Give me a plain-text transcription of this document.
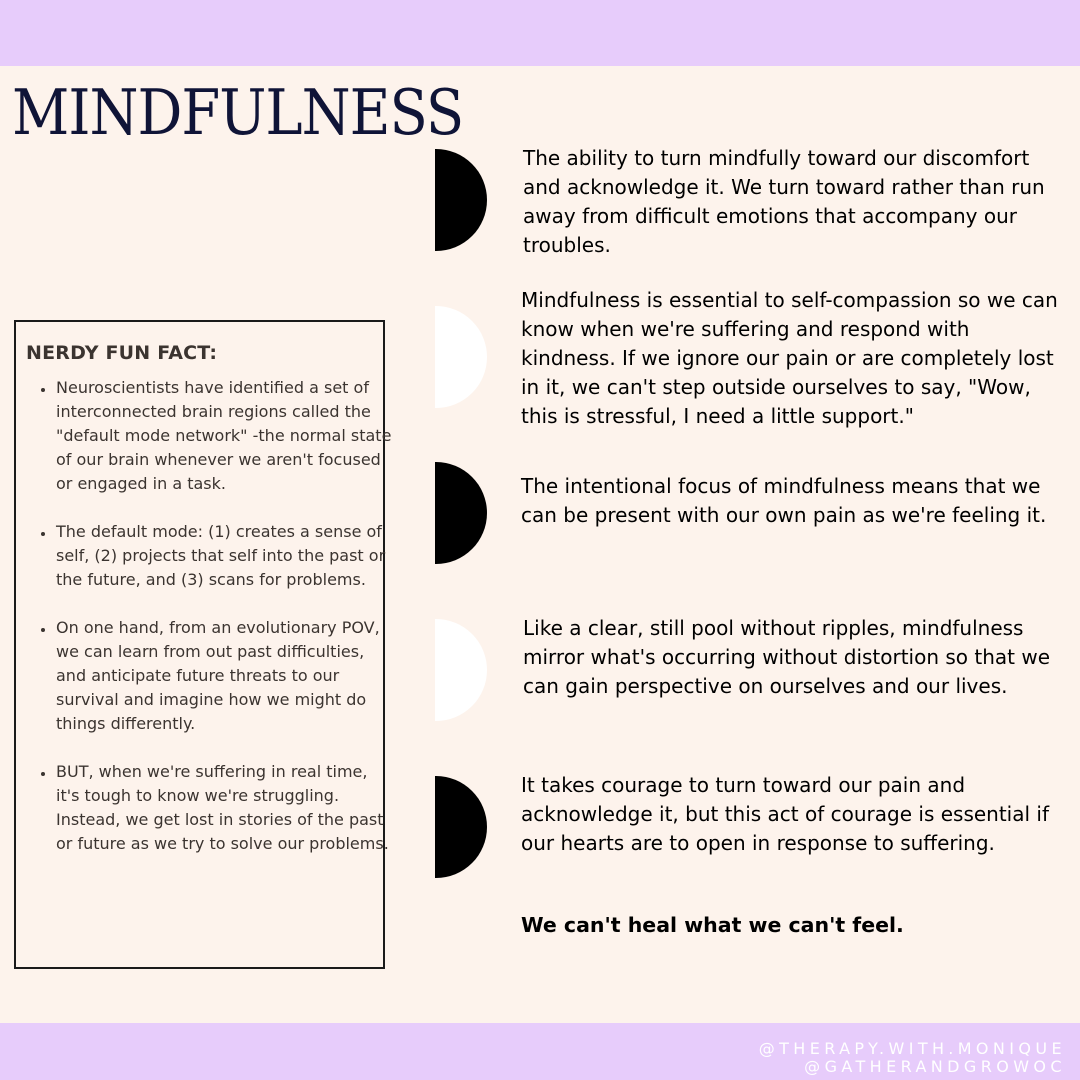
MINDFULNESS

NERDY FUN FACT:

• Neuroscientists have identified a set of interconnected brain regions called the "default mode network" -the normal state of our brain whenever we aren't focused or engaged in a task.
• The default mode: (1) creates a sense of self, (2) projects that self into the past or the future, and (3) scans for problems.
• On one hand, from an evolutionary POV, we can learn from out past difficulties, and anticipate future threats to our survival and imagine how we might do things differently.
• BUT, when we're suffering in real time, it's tough to know we're struggling. Instead, we get lost in stories of the past or future as we try to solve our problems.

The ability to turn mindfully toward our discomfort and acknowledge it. We turn toward rather than run away from difficult emotions that accompany our troubles.

Mindfulness is essential to self-compassion so we can know when we're suffering and respond with kindness. If we ignore our pain or are completely lost in it, we can't step outside ourselves to say, "Wow, this is stressful, I need a little support."

The intentional focus of mindfulness means that we can be present with our own pain as we're feeling it.

Like a clear, still pool without ripples, mindfulness mirror what's occurring without distortion so that we can gain perspective on ourselves and our lives.

It takes courage to turn toward our pain and acknowledge it, but this act of courage is essential if our hearts are to open in response to suffering.

We can't heal what we can't feel.

@THERAPY.WITH.MONIQUE
@GATHERANDGROWOC
